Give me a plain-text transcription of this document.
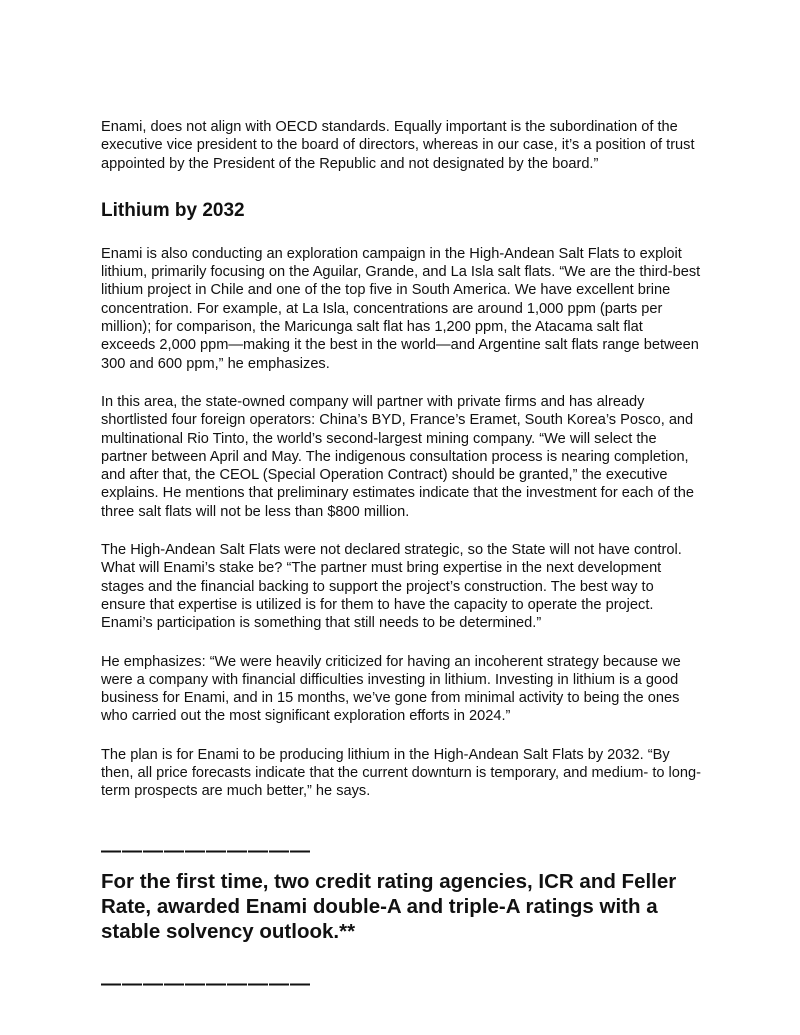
Enami, does not align with OECD standards. Equally important is the subordination of the executive vice president to the board of directors, whereas in our case, it’s a position of trust appointed by the President of the Republic and not designated by the board.”

Lithium by 2032

Enami is also conducting an exploration campaign in the High-Andean Salt Flats to exploit lithium, primarily focusing on the Aguilar, Grande, and La Isla salt flats. “We are the third-best lithium project in Chile and one of the top five in South America. We have excellent brine concentration. For example, at La Isla, concentrations are around 1,000 ppm (parts per million); for comparison, the Maricunga salt flat has 1,200 ppm, the Atacama salt flat exceeds 2,000 ppm—making it the best in the world—and Argentine salt flats range between 300 and 600 ppm,” he emphasizes.

In this area, the state-owned company will partner with private firms and has already shortlisted four foreign operators: China’s BYD, France’s Eramet, South Korea’s Posco, and multinational Rio Tinto, the world’s second-largest mining company. “We will select the partner between April and May. The indigenous consultation process is nearing completion, and after that, the CEOL (Special Operation Contract) should be granted,” the executive explains. He mentions that preliminary estimates indicate that the investment for each of the three salt flats will not be less than $800 million.

The High-Andean Salt Flats were not declared strategic, so the State will not have control. What will Enami’s stake be? “The partner must bring expertise in the next development stages and the financial backing to support the project’s construction. The best way to ensure that expertise is utilized is for them to have the capacity to operate the project. Enami’s participation is something that still needs to be determined.”

He emphasizes: “We were heavily criticized for having an incoherent strategy because we were a company with financial difficulties investing in lithium. Investing in lithium is a good business for Enami, and in 15 months, we’ve gone from minimal activity to being the ones who carried out the most significant exploration efforts in 2024.”

The plan is for Enami to be producing lithium in the High-Andean Salt Flats by 2032. “By then, all price forecasts indicate that the current downturn is temporary, and medium- to long-term prospects are much better,” he says.

——————————
For the first time, two credit rating agencies, ICR and Feller Rate, awarded Enami double-A and triple-A ratings with a stable solvency outlook.**
——————————
